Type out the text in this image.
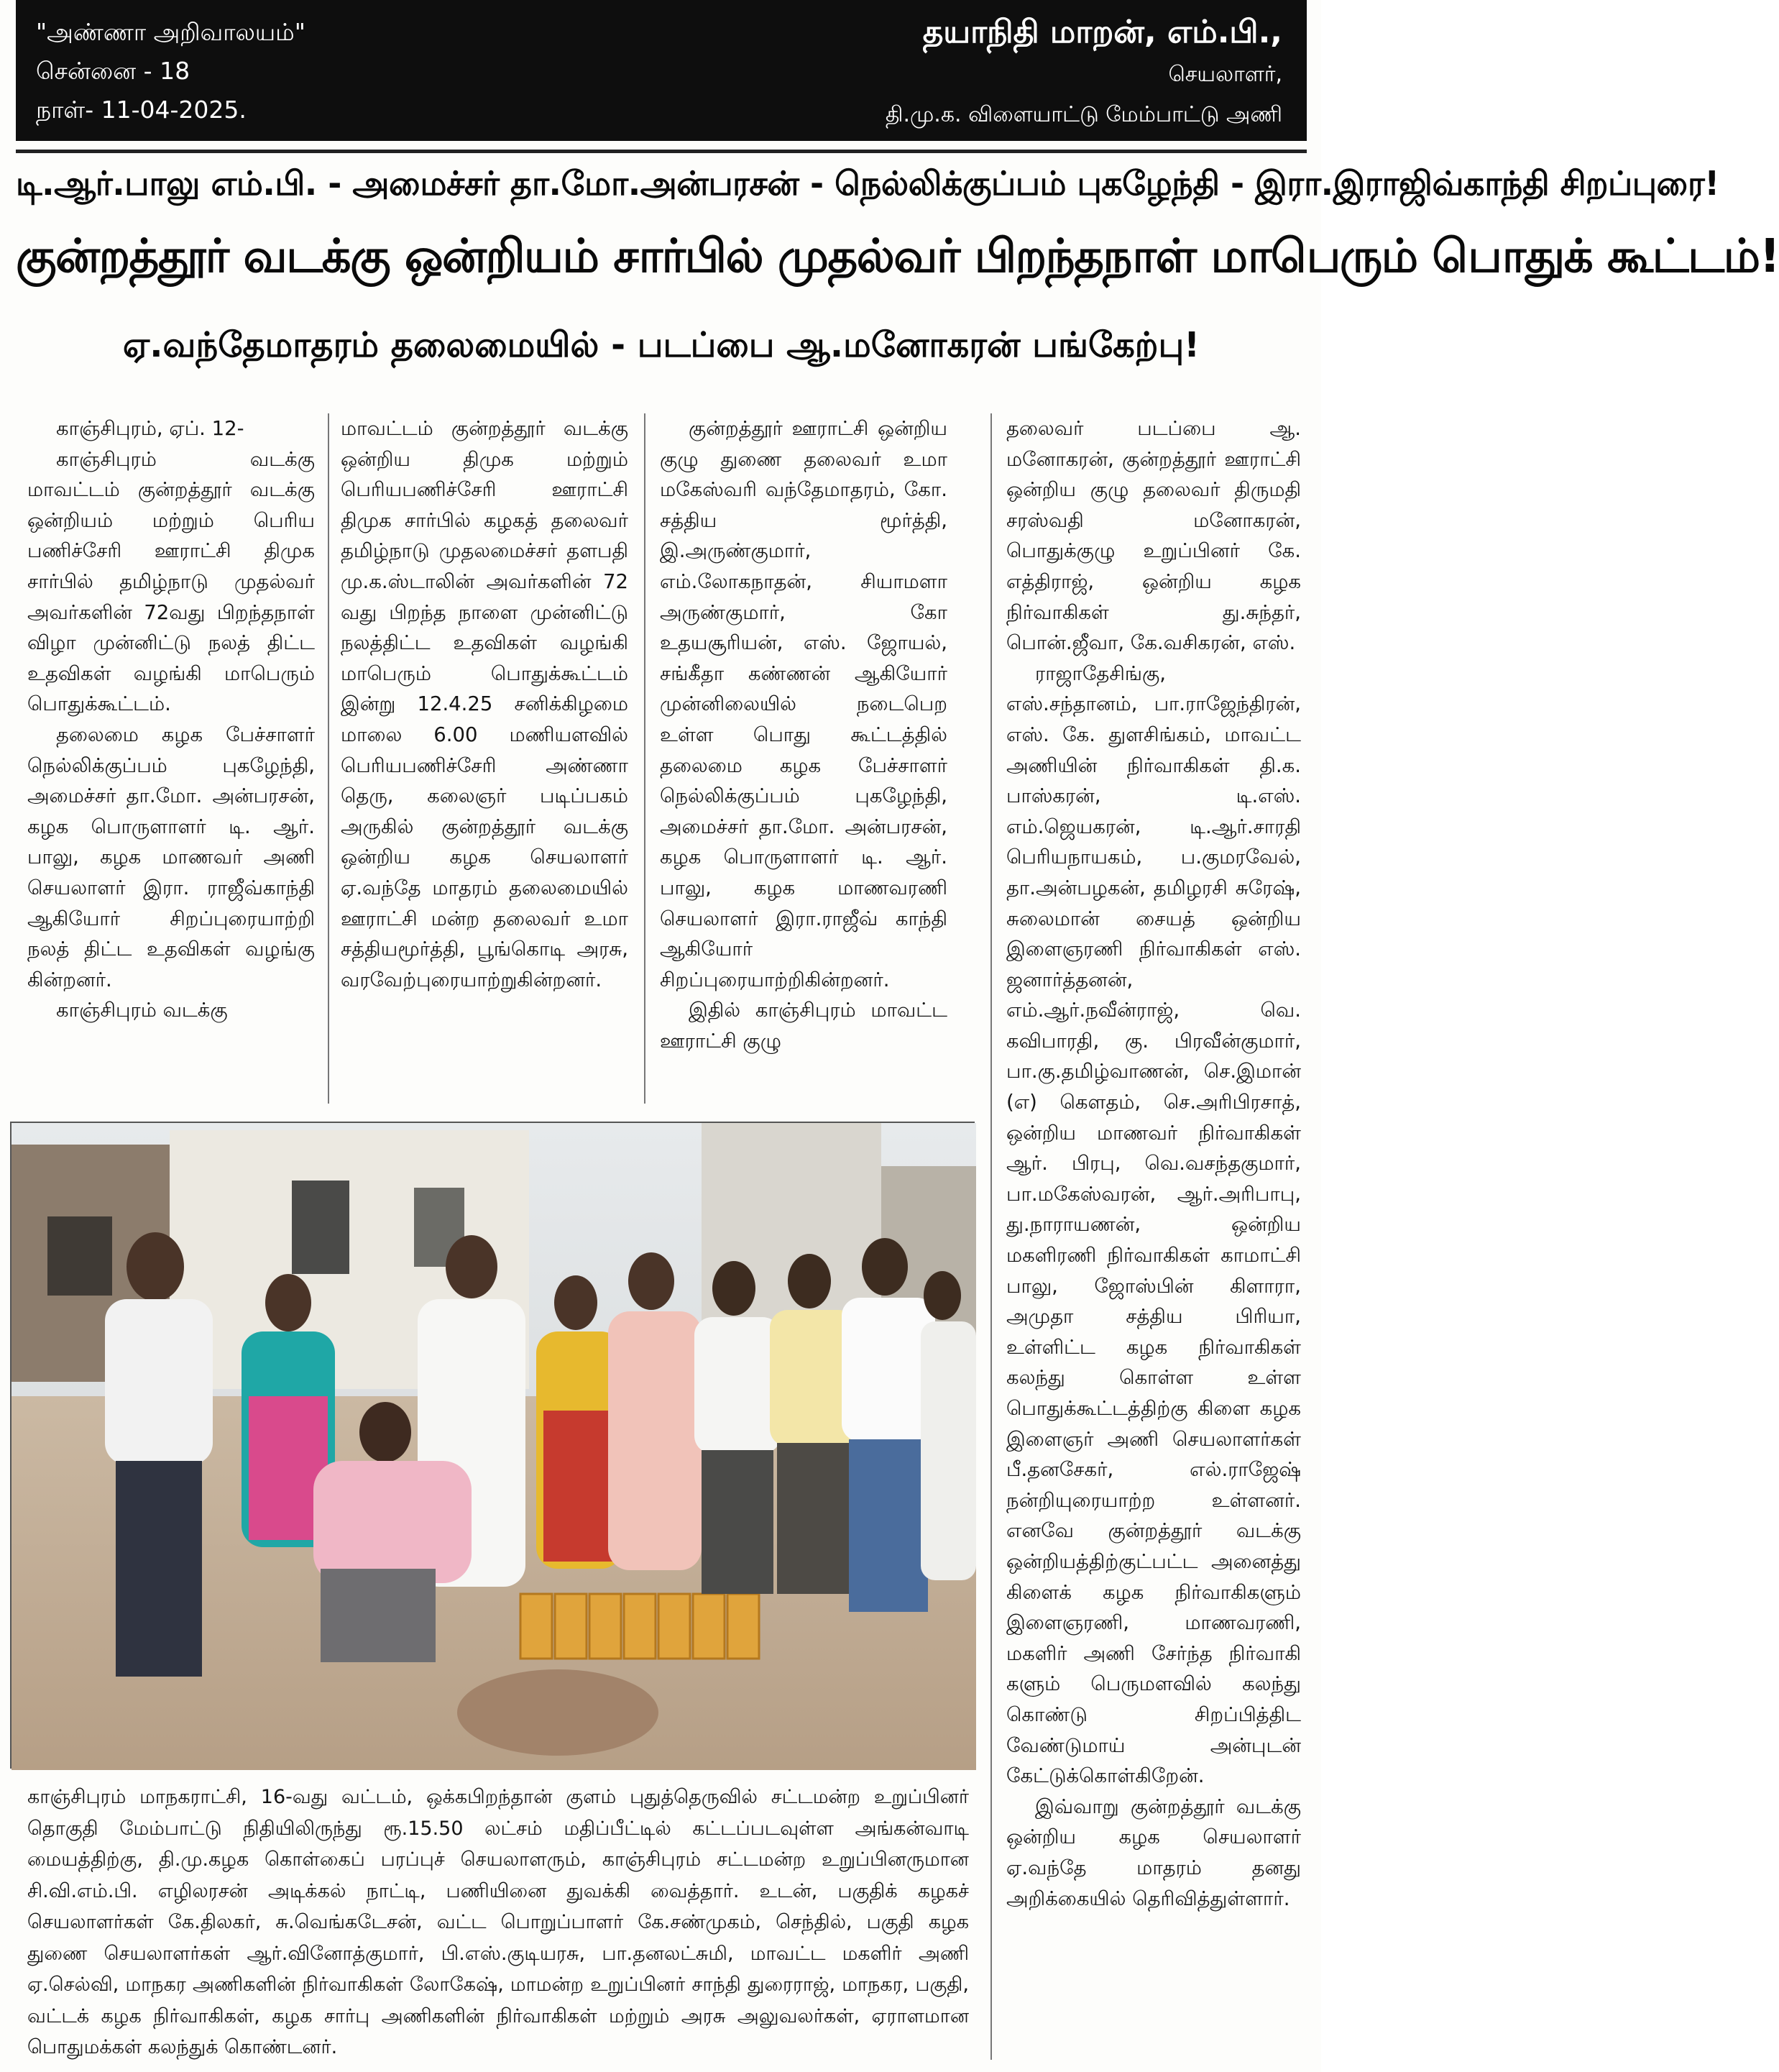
"அண்ணா அறிவாலயம்"
சென்னை - 18
நாள்- 11-04-2025.
தயாநிதி மாறன், எம்.பி.,
செயலாளர்,
தி.மு.க. விளையாட்டு மேம்பாட்டு அணி
டி.ஆர்.பாலு எம்.பி. - அமைச்சர் தா.மோ.அன்பரசன் - நெல்லிக்குப்பம் புகழேந்தி - இரா.இராஜிவ்காந்தி சிறப்புரை!
குன்றத்தூர் வடக்கு ஒன்றியம் சார்பில் முதல்வர் பிறந்தநாள் மாபெரும் பொதுக் கூட்டம்!
ஏ.வந்தேமாதரம் தலைமையில் - படப்பை ஆ.மனோகரன் பங்கேற்பு!

காஞ்சிபுரம், ஏப். 12-

காஞ்சிபுரம் வடக்கு மாவட்டம் குன்றத்தூர் வடக்கு ஒன்றியம் மற்றும் பெரிய பணிச்சேரி ஊராட்சி திமுக சார்பில் தமிழ்நாடு முதல்வர் அவர்களின் 72வது பிறந்தநாள் விழா முன்னிட்டு நலத் திட்ட உதவிகள் வழங்கி மாபெரும் பொதுக்கூட்டம்.

தலைமை கழக பேச்சாளர் நெல்லிக்குப்பம் புகழேந்தி, அமைச்சர் தா.மோ. அன்பரசன், கழக பொருளாளர் டி. ஆர். பாலு, கழக மாணவர் அணி செயலாளர் இரா. ராஜீவ்காந்தி ஆகியோர் சிறப்புரையாற்றி நலத் திட்ட உதவிகள் வழங்கு கின்றனர்.

காஞ்சிபுரம் வடக்கு

மாவட்டம் குன்றத்தூர் வடக்கு ஒன்றிய திமுக மற்றும் பெரியபணிச்சேரி ஊராட்சி திமுக சார்பில் கழகத் தலைவர் தமிழ்நாடு முதலமைச்சர் தளபதி மு.க.ஸ்டாலின் அவர்களின் 72 வது பிறந்த நாளை முன்னிட்டு நலத்திட்ட உதவிகள் வழங்கி மாபெரும் பொதுக்கூட்டம் இன்று 12.4.25 சனிக்கிழமை மாலை 6.00 மணியளவில் பெரியபணிச்சேரி அண்ணா தெரு, கலைஞர் படிப்பகம் அருகில் குன்றத்தூர் வடக்கு ஒன்றிய கழக செயலாளர் ஏ.வந்தே மாதரம் தலைமையில் ஊராட்சி மன்ற தலைவர் உமா சத்தியமூர்த்தி, பூங்கொடி அரசு, வரவேற்புரையாற்றுகின்றனர்.

குன்றத்தூர் ஊராட்சி ஒன்றிய குழு துணை தலைவர் உமா மகேஸ்வரி வந்தேமாதரம், கோ. சத்திய மூர்த்தி, இ.அருண்குமார், எம்.லோகநாதன், சியாமளா அருண்குமார், கோ உதயசூரியன், எஸ். ஜோயல், சங்கீதா கண்ணன் ஆகியோர் முன்னிலையில் நடைபெற உள்ள பொது கூட்டத்தில் தலைமை கழக பேச்சாளர் நெல்லிக்குப்பம் புகழேந்தி, அமைச்சர் தா.மோ. அன்பரசன், கழக பொருளாளர் டி. ஆர். பாலு, கழக மாணவரணி செயலாளர் இரா.ராஜீவ் காந்தி ஆகியோர் சிறப்புரையாற்றிகின்றனர்.

இதில் காஞ்சிபுரம் மாவட்ட ஊராட்சி குழு

தலைவர் படப்பை ஆ. மனோகரன், குன்றத்தூர் ஊராட்சி ஒன்றிய குழு தலைவர் திருமதி சரஸ்வதி மனோகரன், பொதுக்குழு உறுப்பினர் கே. எத்திராஜ், ஒன்றிய கழக நிர்வாகிகள் து.சுந்தர், பொன்.ஜீவா, கே.வசிகரன், எஸ்.

ராஜாதேசிங்கு, எஸ்.சந்தானம், பா.ராஜேந்திரன், எஸ். கே. துளசிங்கம், மாவட்ட அணியின் நிர்வாகிகள் தி.க. பாஸ்கரன், டி.எஸ். எம்.ஜெயகரன், டி.ஆர்.சாரதி பெரியநாயகம், ப.குமரவேல், தா.அன்பழகன், தமிழரசி சுரேஷ், சுலைமான் சையத் ஒன்றிய இளைஞரணி நிர்வாகிகள் எஸ். ஜனார்த்தனன், எம்.ஆர்.நவீன்ராஜ், வெ. கவிபாரதி, கு. பிரவீன்குமார், பா.கு.தமிழ்வாணன், செ.இமான் (எ) கௌதம், செ.அரிபிரசாத், ஒன்றிய மாணவர் நிர்வாகிகள் ஆர். பிரபு, வெ.வசந்தகுமார், பா.மகேஸ்வரன், ஆர்.அரிபாபு, து.நாராயணன், ஒன்றிய மகளிரணி நிர்வாகிகள் காமாட்சி பாலு, ஜோஸ்பின் கிளாரா, அமுதா சத்திய பிரியா, உள்ளிட்ட கழக நிர்வாகிகள் கலந்து கொள்ள உள்ள பொதுக்கூட்டத்திற்கு கிளை கழக இளைஞர் அணி செயலாளர்கள் பீ.தனசேகர், எல்.ராஜேஷ் நன்றியுரையாற்ற உள்ளனர். எனவே குன்றத்தூர் வடக்கு ஒன்றியத்திற்குட்பட்ட அனைத்து கிளைக் கழக நிர்வாகிகளும் இளைஞரணி, மாணவரணி, மகளிர் அணி சேர்ந்த நிர்வாகி களும் பெருமளவில் கலந்து கொண்டு சிறப்பித்திட வேண்டுமாய் அன்புடன் கேட்டுக்கொள்கிறேன்.

இவ்வாறு குன்றத்தூர் வடக்கு ஒன்றிய கழக செயலாளர் ஏ.வந்தே மாதரம் தனது அறிக்கையில் தெரிவித்துள்ளார்.

காஞ்சிபுரம் மாநகராட்சி, 16-வது வட்டம், ஒக்கபிறந்தான் குளம் புதுத்தெருவில் சட்டமன்ற உறுப்பினர் தொகுதி மேம்பாட்டு நிதியிலிருந்து ரூ.15.50 லட்சம் மதிப்பீட்டில் கட்டப்படவுள்ள அங்கன்வாடி மையத்திற்கு, தி.மு.கழக கொள்கைப் பரப்புச் செயலாளரும், காஞ்சிபுரம் சட்டமன்ற உறுப்பினருமான சி.வி.எம்.பி. எழிலரசன் அடிக்கல் நாட்டி, பணியினை துவக்கி வைத்தார். உடன், பகுதிக் கழகச் செயலாளர்கள் கே.திலகர், சு.வெங்கடேசன், வட்ட பொறுப்பாளர் கே.சண்முகம், செந்தில், பகுதி கழக துணை செயலாளர்கள் ஆர்.வினோத்குமார், பி.எஸ்.குடியரசு, பா.தனலட்சுமி, மாவட்ட மகளிர் அணி ஏ.செல்வி, மாநகர அணிகளின் நிர்வாகிகள் லோகேஷ், மாமன்ற உறுப்பினர் சாந்தி துரைராஜ், மாநகர, பகுதி, வட்டக் கழக நிர்வாகிகள், கழக சார்பு அணிகளின் நிர்வாகிகள் மற்றும் அரசு அலுவலர்கள், ஏராளமான பொதுமக்கள் கலந்துக் கொண்டனர்.
